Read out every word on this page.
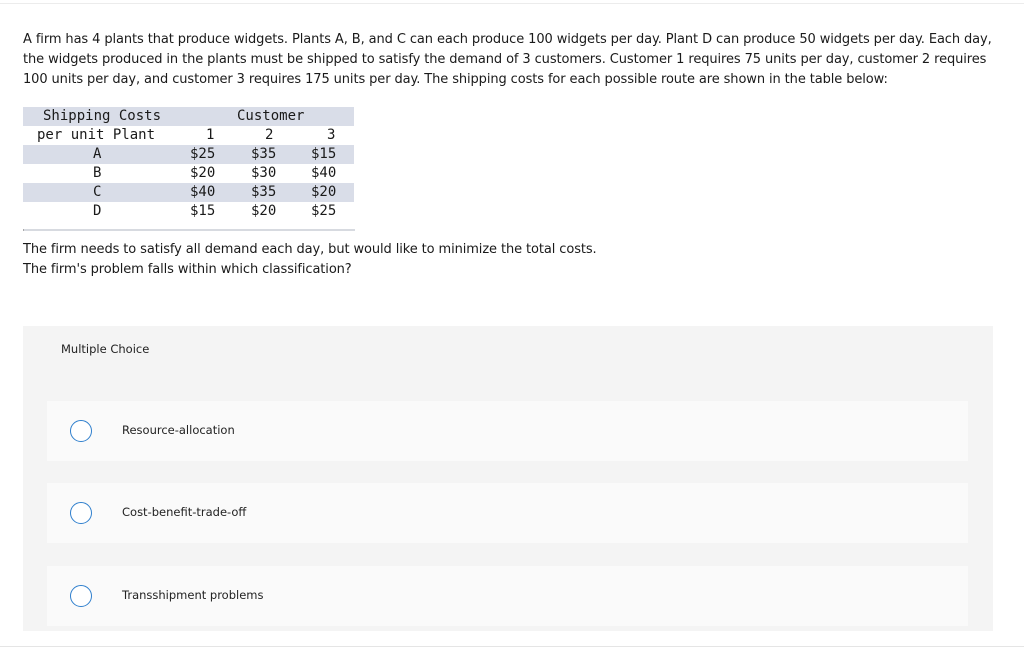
A firm has 4 plants that produce widgets. Plants A, B, and C can each produce 100 widgets per day. Plant D can produce 50 widgets per day. Each day, the widgets produced in the plants must be shipped to satisfy the demand of 3 customers. Customer 1 requires 75 units per day, customer 2 requires 100 units per day, and customer 3 requires 175 units per day. The shipping costs for each possible route are shown in the table below:
Shipping Costs	Customer
per unit Plant	1	2	3
A	$25	$35 $15
B	$20	$30 $40
C	$40	$35 $20
D	$15	$20 $25
The firm needs to satisfy all demand each day, but would like to minimize the total costs.
The firm's problem falls within which classification?
Multiple Choice
Resource-allocation
Cost-benefit-trade-off
Transshipment problems
